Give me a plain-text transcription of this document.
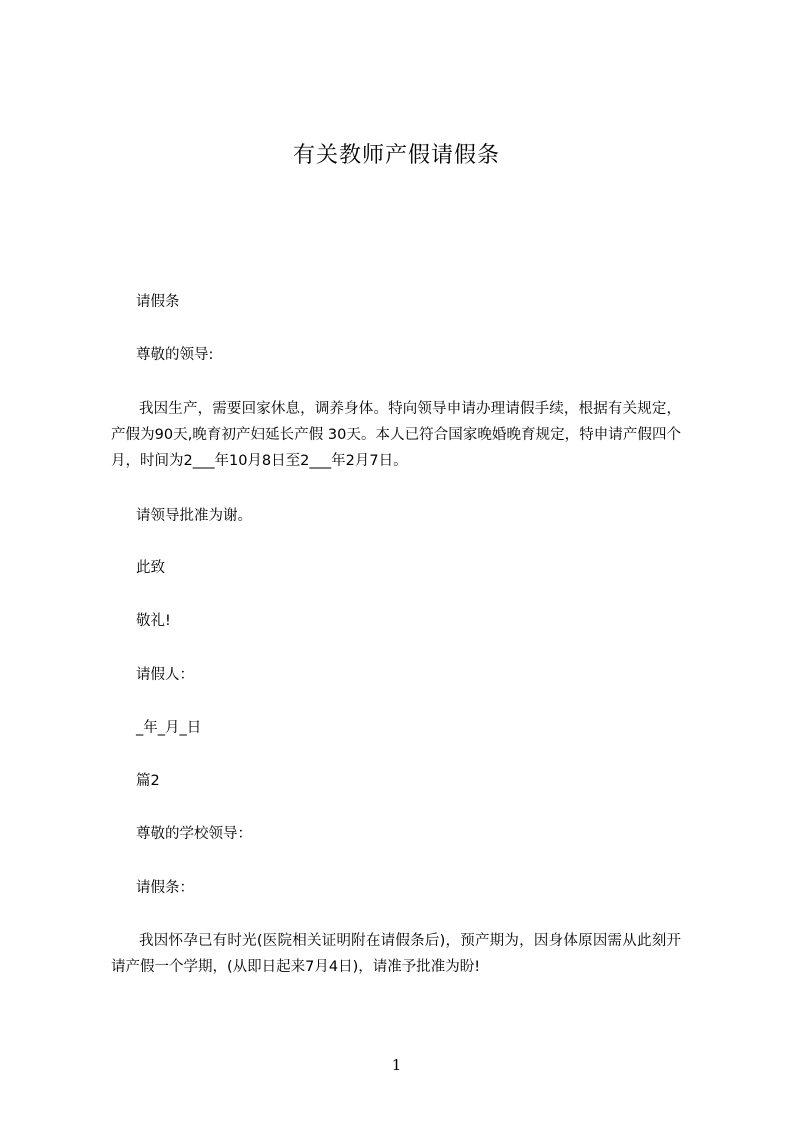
有关教师产假请假条
请假条
尊敬的领导:
我因生产，需要回家休息，调养身体。特向领导申请办理请假手续，根据有关规定，产假为90天,晚育初产妇延长产假 30天。本人已符合国家晚婚晚育规定，特申请产假四个月，时间为2___年10月8日至2___年2月7日。
请领导批准为谢。
此致
敬礼!
请假人：
_年_月_日
篇2
尊敬的学校领导：
请假条：
我因怀孕已有时光(医院相关证明附在请假条后)，预产期为，因身体原因需从此刻开请产假一个学期，(从即日起来7月4日)，请准予批准为盼!
1
